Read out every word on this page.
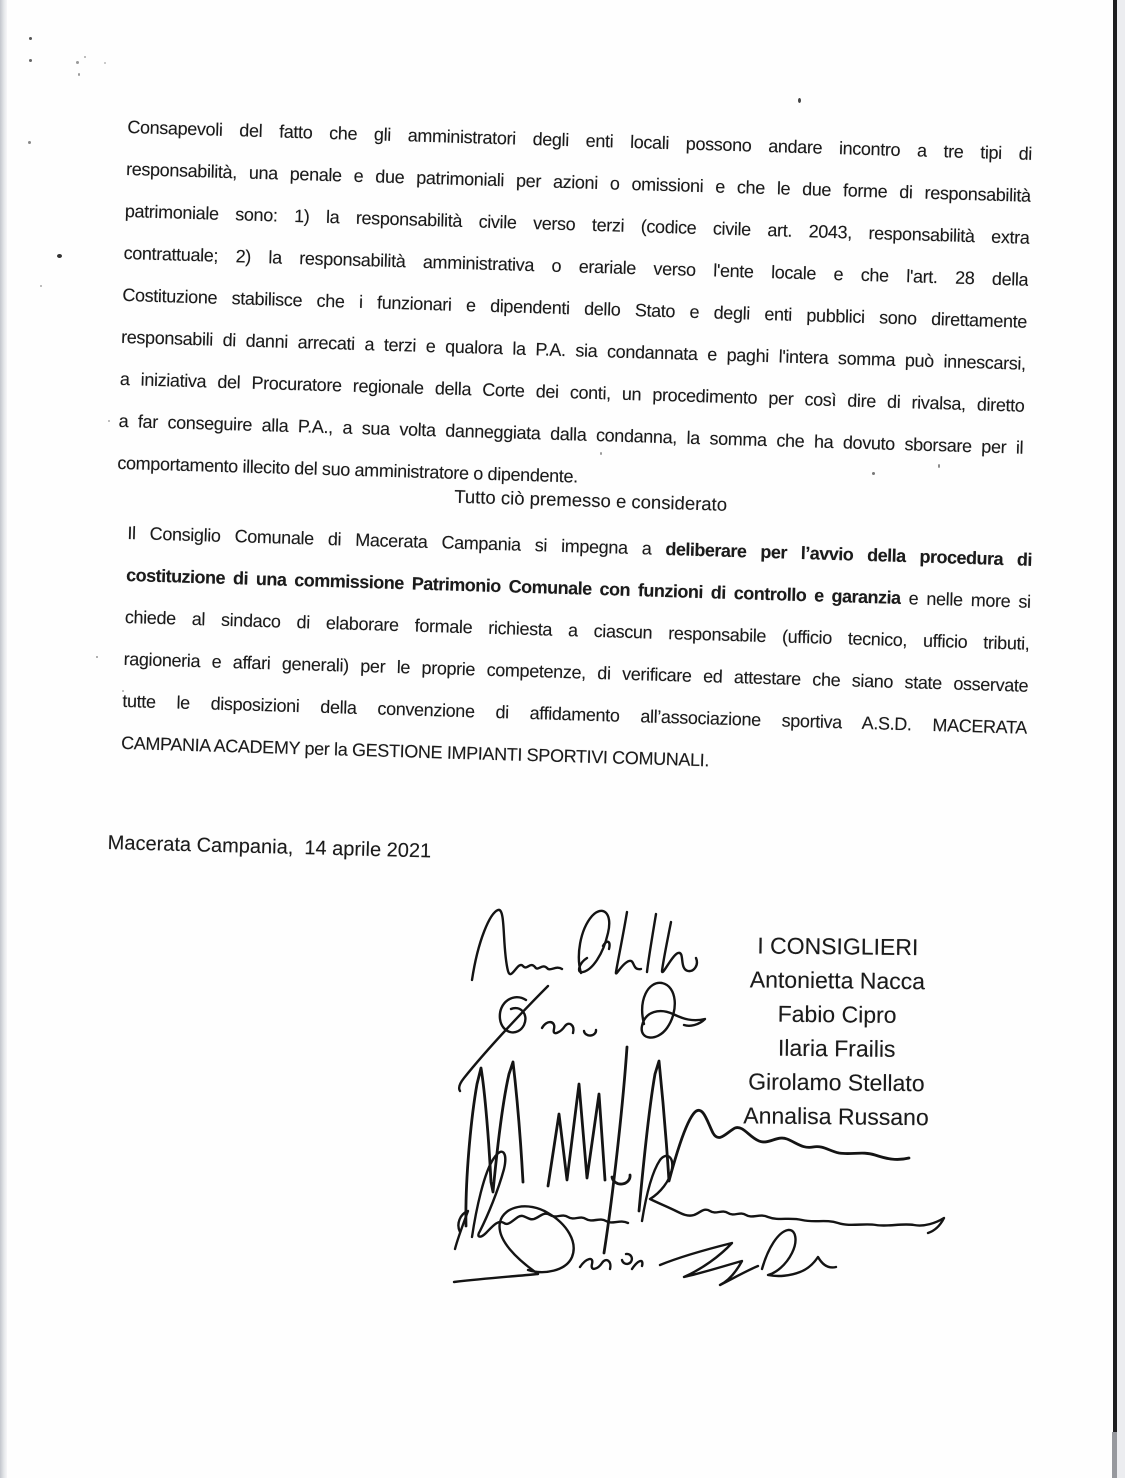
Consapevoli del fatto che gli amministratori degli enti locali possono andare incontro a tre tipi di
responsabilità, una penale e due patrimoniali per azioni o omissioni e che le due forme di responsabilità
patrimoniale sono: 1) la responsabilità civile verso terzi (codice civile art. 2043, responsabilità extra
contrattuale; 2) la responsabilità amministrativa o erariale verso l'ente locale e che l'art. 28 della
Costituzione stabilisce che i funzionari e dipendenti dello Stato e degli enti pubblici sono direttamente
responsabili di danni arrecati a terzi e qualora la P.A. sia condannata e paghi l'intera somma può innescarsi,
a iniziativa del Procuratore regionale della Corte dei conti, un procedimento per così dire di rivalsa, diretto
a far conseguire alla P.A., a sua volta danneggiata dalla condanna, la somma che ha dovuto sborsare per il
comportamento illecito del suo amministratore o dipendente.
Tutto ciò premesso e considerato
Il Consiglio Comunale di Macerata Campania si impegna a deliberare per l’avvio della procedura di
costituzione di una commissione Patrimonio Comunale con funzioni di controllo e garanzia e nelle more si
chiede al sindaco di elaborare formale richiesta a ciascun responsabile (ufficio tecnico, ufficio tributi,
ragioneria e affari generali) per le proprie competenze, di verificare ed attestare che siano state osservate
tutte le disposizioni della convenzione di affidamento all’associazione sportiva A.S.D. MACERATA
CAMPANIA ACADEMY per la GESTIONE IMPIANTI SPORTIVI COMUNALI.
Macerata Campania,  14 aprile 2021
I CONSIGLIERI
Antonietta Nacca
Fabio Cipro
Ilaria Frailis
Girolamo Stellato
Annalisa Russano
